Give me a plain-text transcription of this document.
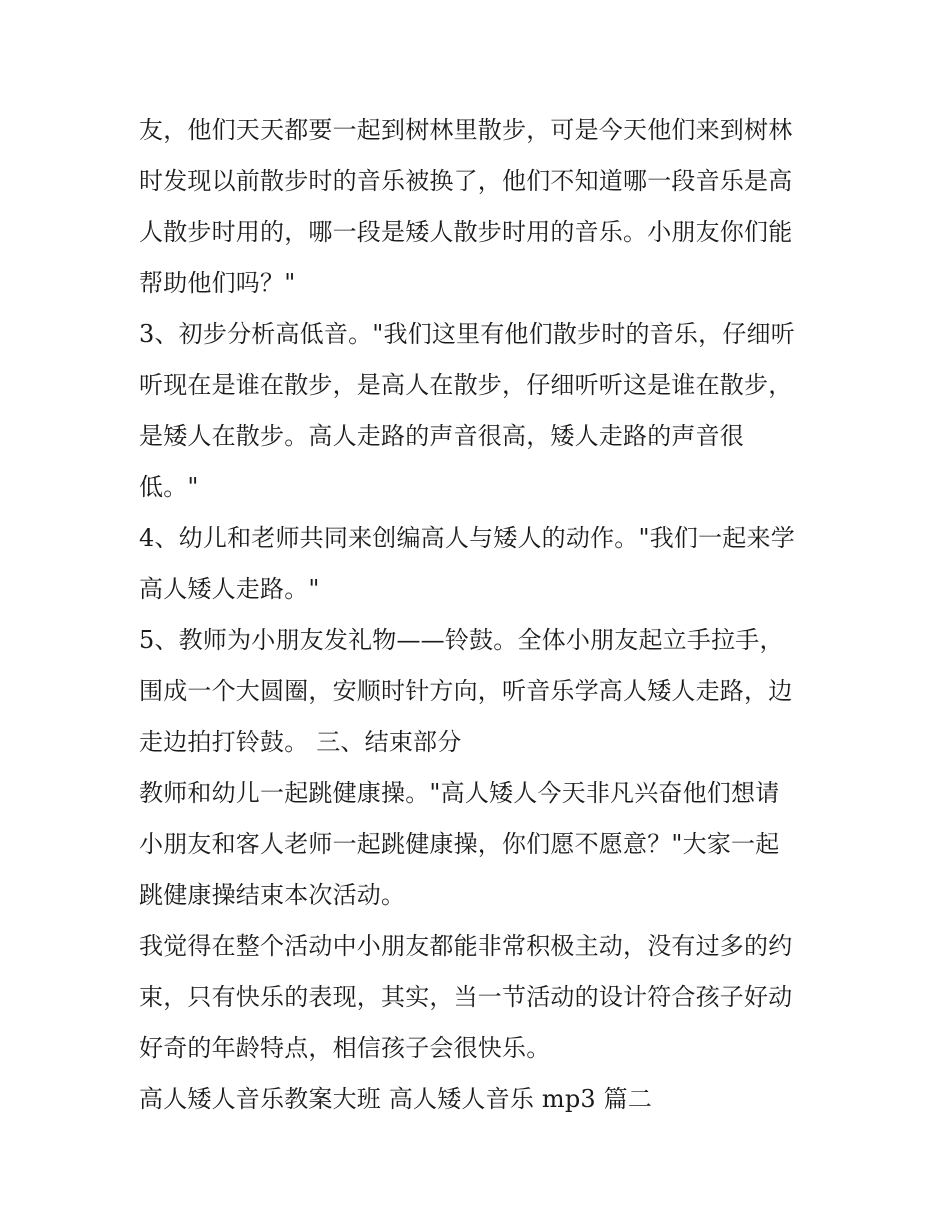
友，他们天天都要一起到树林里散步，可是今天他们来到树林
时发现以前散步时的音乐被换了，他们不知道哪一段音乐是高
人散步时用的，哪一段是矮人散步时用的音乐。小朋友你们能
帮助他们吗？"
3、初步分析高低音。"我们这里有他们散步时的音乐，仔细听
听现在是谁在散步，是高人在散步，仔细听听这是谁在散步，
是矮人在散步。高人走路的声音很高，矮人走路的声音很
低。"
4、幼儿和老师共同来创编高人与矮人的动作。"我们一起来学
高人矮人走路。"
5、教师为小朋友发礼物——铃鼓。全体小朋友起立手拉手，
围成一个大圆圈，安顺时针方向，听音乐学高人矮人走路，边
走边拍打铃鼓。 三、结束部分
教师和幼儿一起跳健康操。"高人矮人今天非凡兴奋他们想请
小朋友和客人老师一起跳健康操，你们愿不愿意？"大家一起
跳健康操结束本次活动。
我觉得在整个活动中小朋友都能非常积极主动，没有过多的约
束，只有快乐的表现，其实，当一节活动的设计符合孩子好动
好奇的年龄特点，相信孩子会很快乐。
高人矮人音乐教案大班 高人矮人音乐 mp3 篇二
